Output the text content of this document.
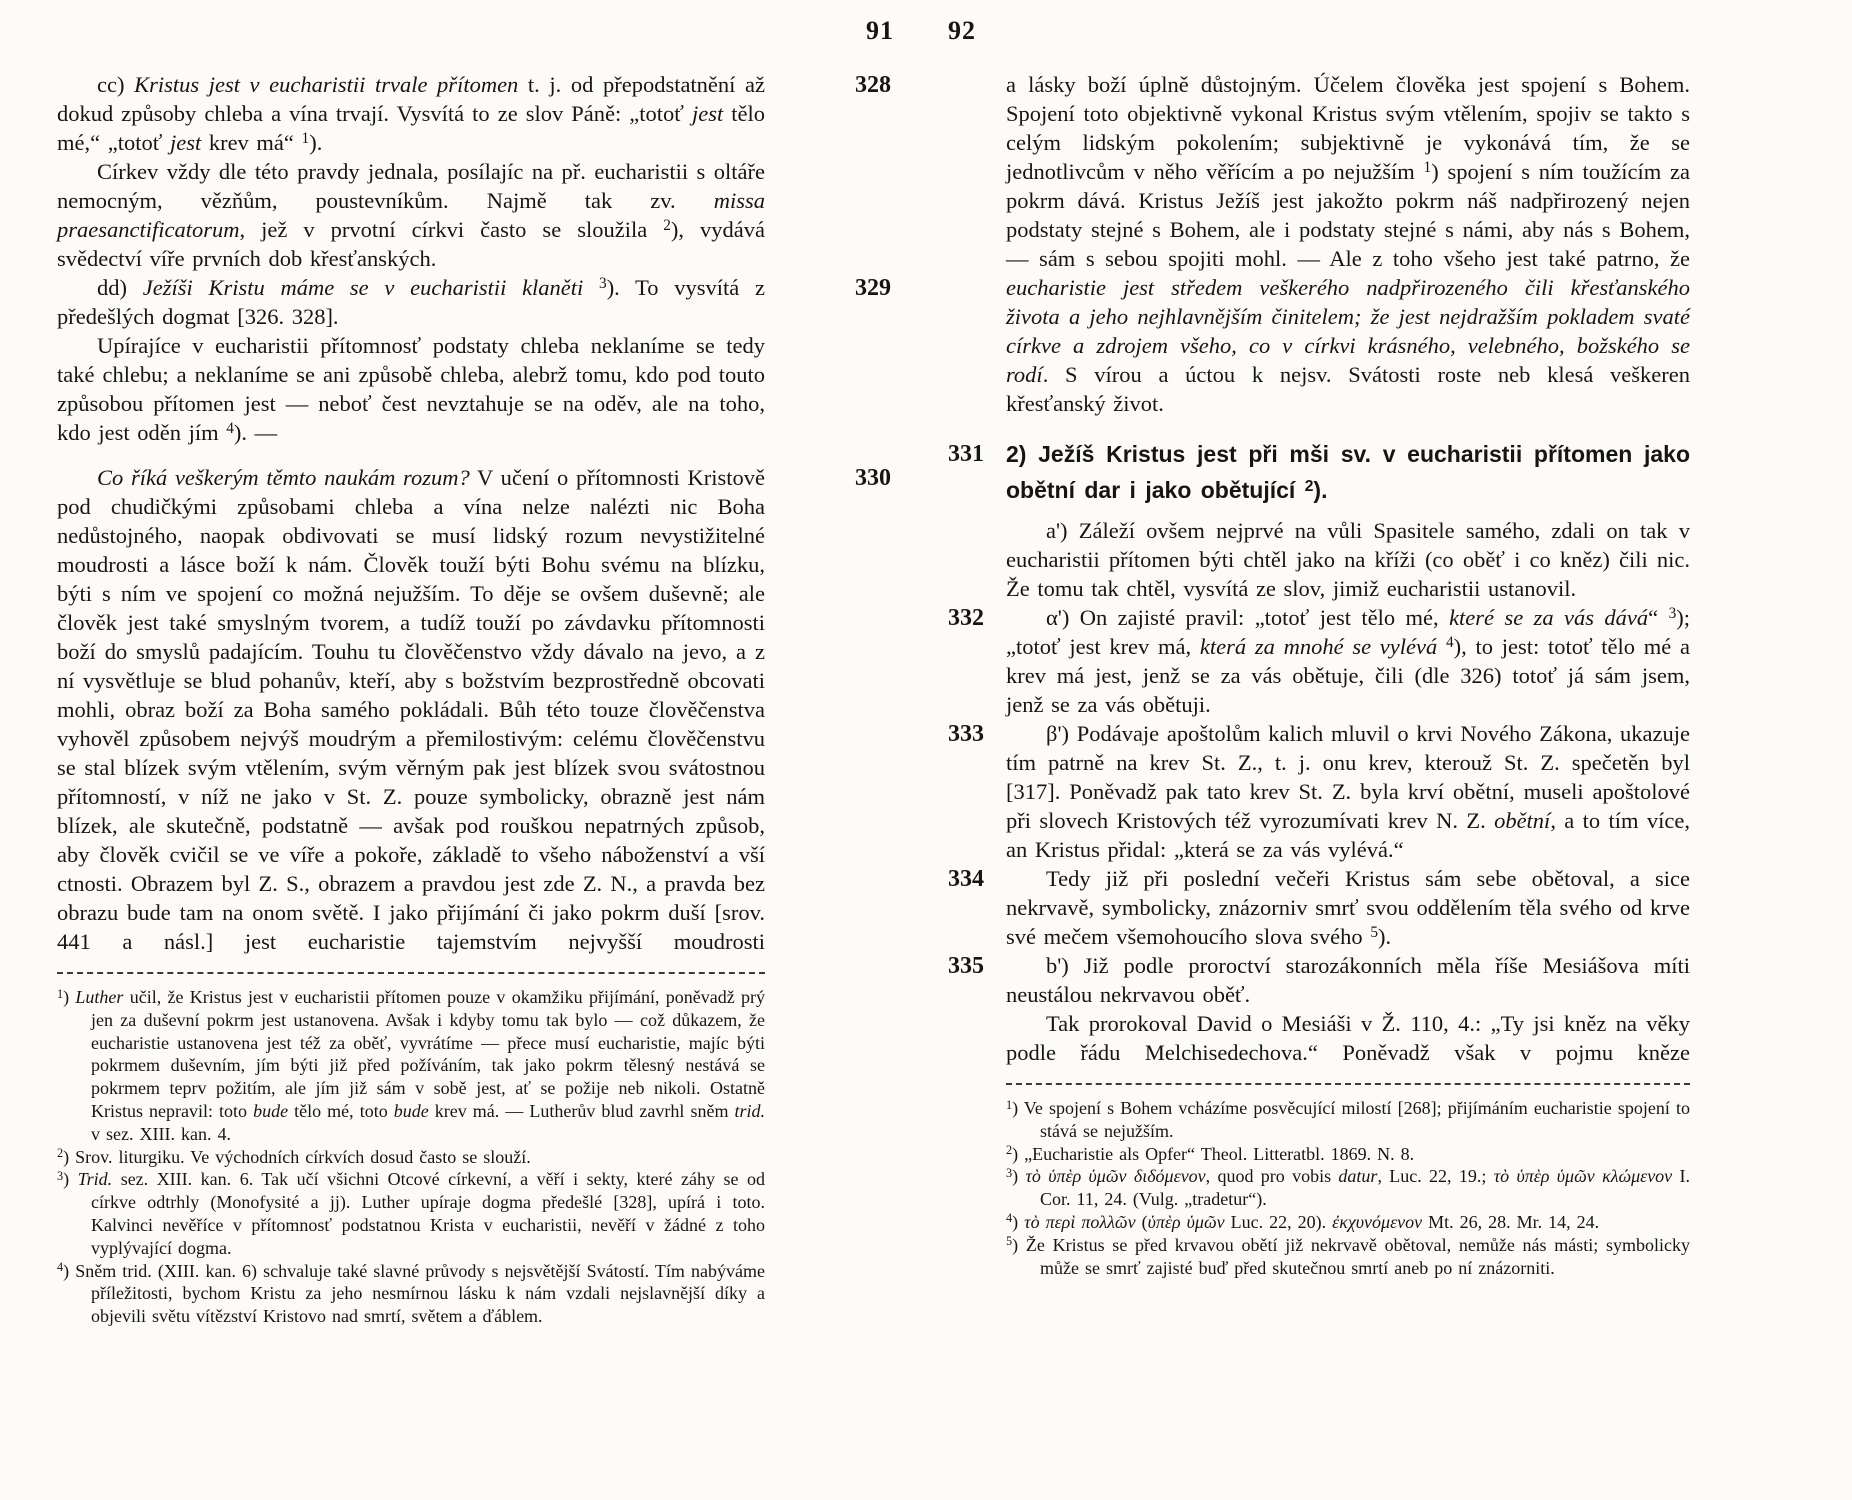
91 92

328
cc) Kristus jest v eucharistii trvale přítomen t. j. od přepodstatnění až dokud způsoby chleba a vína trvají. Vysvítá to ze slov Páně: „totoť jest tělo mé,“ „totoť jest krev má“ $^1$).

Církev vždy dle této pravdy jednala, posílajíc na př. eucharistii s oltáře nemocným, vězňům, poustevníkům. Najmě tak zv. missa praesanctificatorum, jež v prvotní církvi často se sloužila $^2$), vydává svědectví víře prvních dob křesťanských.

329
dd) Ježíši Kristu máme se v eucharistii klaněti $^3$). To vysvítá z předešlých dogmat [326. 328].

Upírajíce v eucharistii přítomnosť podstaty chleba neklaníme se tedy také chlebu; a neklaníme se ani způsobě chleba, alebrž tomu, kdo pod touto způsobou přítomen jest — neboť čest nevztahuje se na oděv, ale na toho, kdo jest oděn jím $^4$). —

330
Co říká veškerým těmto naukám rozum? V učení o přítomnosti Kristově pod chudičkými způsobami chleba a vína nelze nalézti nic Boha nedůstojného, naopak obdivovati se musí lidský rozum nevystižitelné moudrosti a lásce boží k nám. Člověk touží býti Bohu svému na blízku, býti s ním ve spojení co možná nejužším. To děje se ovšem duševně; ale člověk jest také smyslným tvorem, a tudíž touží po závdavku přítomnosti boží do smyslů padajícím. Touhu tu člověčenstvo vždy dávalo na jevo, a z ní vysvětluje se blud pohanův, kteří, aby s božstvím bezprostředně obcovati mohli, obraz boží za Boha samého pokládali. Bůh této touze člověčenstva vyhověl způsobem nejvýš moudrým a přemilostivým: celému člověčenstvu se stal blízek svým vtělením, svým věrným pak jest blízek svou svátostnou přítomností, v níž ne jako v St. Z. pouze symbolicky, obrazně jest nám blízek, ale skutečně, podstatně — avšak pod rouškou nepatrných způsob, aby člověk cvičil se ve víře a pokoře, základě to všeho náboženství a vší ctnosti. Obrazem byl Z. S., obrazem a pravdou jest zde Z. N., a pravda bez obrazu bude tam na onom světě. I jako přijímání či jako pokrm duší [srov. 441 a násl.] jest eucharistie tajemstvím nejvyšší moudrosti

$^1$) Luther učil, že Kristus jest v eucharistii přítomen pouze v okamžiku přijímání, poněvadž prý jen za duševní pokrm jest ustanovena. Avšak i kdyby tomu tak bylo — což důkazem, že eucharistie ustanovena jest též za oběť, vyvrátíme — přece musí eucharistie, majíc býti pokrmem duševním, jím býti již před požíváním, tak jako pokrm tělesný nestává se pokrmem teprv požitím, ale jím již sám v sobě jest, ať se požije neb nikoli. Ostatně Kristus nepravil: toto bude tělo mé, toto bude krev má. — Lutherův blud zavrhl sněm trid. v sez. XIII. kan. 4.

$^2$) Srov. liturgiku. Ve východních církvích dosud často se slouží.

$^3$) Trid. sez. XIII. kan. 6. Tak učí všichni Otcové církevní, a věří i sekty, které záhy se od církve odtrhly (Monofysité a jj). Luther upíraje dogma předešlé [328], upírá i toto. Kalvinci nevěříce v přítomnosť podstatnou Krista v eucharistii, nevěří v žádné z toho vyplývající dogma.

$^4$) Sněm trid. (XIII. kan. 6) schvaluje také slavné průvody s nejsvětější Svátostí. Tím nabýváme příležitosti, bychom Kristu za jeho nesmírnou lásku k nám vzdali nejslavnější díky a objevili světu vítězství Kristovo nad smrtí, světem a ďáblem.

a lásky boží úplně důstojným. Účelem člověka jest spojení s Bohem. Spojení toto objektivně vykonal Kristus svým vtělením, spojiv se takto s celým lidským pokolením; subjektivně je vykonává tím, že se jednotlivcům v něho věřícím a po nejužším $^1$) spojení s ním toužícím za pokrm dává. Kristus Ježíš jest jakožto pokrm náš nadpřirozený nejen podstaty stejné s Bohem, ale i podstaty stejné s námi, aby nás s Bohem, — sám s sebou spojiti mohl. — Ale z toho všeho jest také patrno, že eucharistie jest středem veškerého nadpřirozeného čili křesťanského života a jeho nejhlavnějším činitelem; že jest nejdražším pokladem svaté církve a zdrojem všeho, co v církvi krásného, velebného, božského se rodí. S vírou a úctou k nejsv. Svátosti roste neb klesá veškeren křesťanský život.

331 2) Ježíš Kristus jest při mši sv. v eucharistii přítomen jako obětní dar i jako obětující $^2$).

a') Záleží ovšem nejprvé na vůli Spasitele samého, zdali on tak v eucharistii přítomen býti chtěl jako na kříži (co oběť i co kněz) čili nic. Že tomu tak chtěl, vysvítá ze slov, jimiž eucharistii ustanovil.

332	α') On zajisté pravil: „totoť jest tělo mé, které se za vás dává“ $^3$); „totoť jest krev má, která za mnohé se vylévá $^4$), to jest: totoť tělo mé a krev má jest, jenž se za vás obětuje, čili (dle 326) totoť já sám jsem, jenž se za vás obětuji.

333	β') Podávaje apoštolům kalich mluvil o krvi Nového Zákona, ukazuje tím patrně na krev St. Z., t. j. onu krev, kterouž St. Z. spečetěn byl [317]. Poněvadž pak tato krev St. Z. byla krví obětní, museli apoštolové při slovech Kristových též vyrozumívati krev N. Z. obětní, a to tím více, an Kristus přidal: „která se za vás vylévá.“

334	Tedy již při poslední večeři Kristus sám sebe obětoval, a sice nekrvavě, symbolicky, znázorniv smrť svou oddělením těla svého od krve své mečem všemohoucího slova svého $^5$).

335	b') Již podle proroctví starozákonních měla říše Mesiášova míti neustálou nekrvavou oběť.

Tak prorokoval David o Mesiáši v Ž. 110, 4.: „Ty jsi kněz na věky podle řádu Melchisedechova.“ Poněvadž však v pojmu kněze

$^1$) Ve spojení s Bohem vcházíme posvěcující milostí [268]; přijímáním eucharistie spojení to stává se nejužším.

$^2$) „Eucharistie als Opfer“ Theol. Litteratbl. 1869. N. 8.

$^3$) τὸ ὑπὲρ ὑμῶν διδόμενον, quod pro vobis datur, Luc. 22, 19.; τὸ ὑπὲρ ὑμῶν κλώμενον I. Cor. 11, 24. (Vulg. „tradetur“).

$^4$) τὸ περὶ πολλῶν (ὑπὲρ ὑμῶν Luc. 22, 20). ἐκχυνόμενον Mt. 26, 28. Mr. 14, 24.

$^5$) Že Kristus se před krvavou obětí již nekrvavě obětoval, nemůže nás másti; symbolicky může se smrť zajisté buď před skutečnou smrtí aneb po ní znázorniti.
